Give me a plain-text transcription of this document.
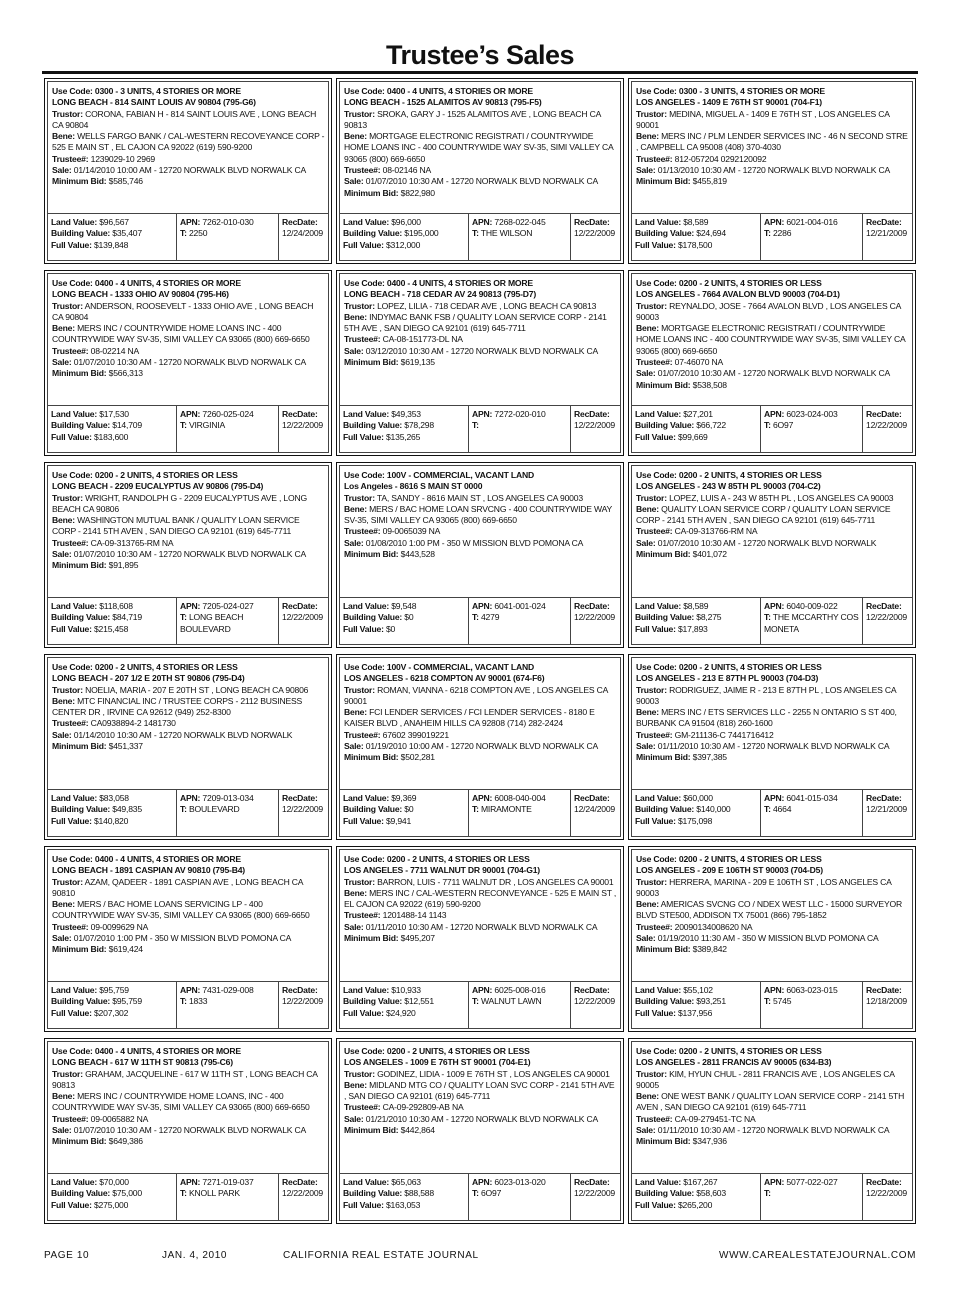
Trustee’s Sales
Use Code: 0300 - 3 UNITS, 4 STORIES OR MORE
LONG BEACH - 814 SAINT LOUIS AV 90804 (795-G6)
Trustor: CORONA, FABIAN H - 814 SAINT LOUIS AVE , LONG BEACH CA 90804
Bene: WELLS FARGO BANK / CAL-WESTERN RECOVEYANCE CORP - 525 E MAIN ST , EL CAJON CA 92022 (619) 590-9200
Trustee#: 1239029-10 2969
Sale: 01/14/2010 10:00 AM - 12720 NORWALK BLVD NORWALK CA
Minimum Bid: $585,746
Land Value: $96,567
Building Value: $35,407
Full Value: $139,848
APN: 7262-010-030
T: 2250
RecDate:
12/24/2009
Use Code: 0400 - 4 UNITS, 4 STORIES OR MORE
LONG BEACH - 1525 ALAMITOS AV 90813 (795-F5)
Trustor: SROKA, GARY J - 1525 ALAMITOS AVE , LONG BEACH CA 90813
Bene: MORTGAGE ELECTRONIC REGISTRATI / COUNTRYWIDE HOME LOANS INC - 400 COUNTRYWIDE WAY SV-35, SIMI VALLEY CA 93065 (800) 669-6650
Trustee#: 08-02146 NA
Sale: 01/07/2010 10:30 AM - 12720 NORWALK BLVD NORWALK CA
Minimum Bid: $822,980
Land Value: $96,000
Building Value: $195,000
Full Value: $312,000
APN: 7268-022-045
T: THE WILSON
RecDate:
12/22/2009
Use Code: 0300 - 3 UNITS, 4 STORIES OR MORE
LOS ANGELES - 1409 E 76TH ST 90001 (704-F1)
Trustor: MEDINA, MIGUEL A - 1409 E 76TH ST , LOS ANGELES CA 90001
Bene: MERS INC / PLM LENDER SERVICES INC - 46 N SECOND STRE , CAMPBELL CA 95008 (408) 370-4030
Trustee#: 812-057204 0292120092
Sale: 01/13/2010 10:30 AM - 12720 NORWALK BLVD NORWALK CA
Minimum Bid: $455,819
Land Value: $8,589
Building Value: $24,694
Full Value: $178,500
APN: 6021-004-016
T: 2286
RecDate:
12/21/2009
Use Code: 0400 - 4 UNITS, 4 STORIES OR MORE
LONG BEACH - 1333 OHIO AV 90804 (795-H6)
Trustor: ANDERSON, ROOSEVELT - 1333 OHIO AVE , LONG BEACH CA 90804
Bene: MERS INC / COUNTRYWIDE HOME LOANS INC - 400 COUNTRYWIDE WAY SV-35, SIMI VALLEY CA 93065 (800) 669-6650
Trustee#: 08-02214 NA
Sale: 01/07/2010 10:30 AM - 12720 NORWALK BLVD NORWALK CA
Minimum Bid: $566,313
Land Value: $17,530
Building Value: $14,709
Full Value: $183,600
APN: 7260-025-024
T: VIRGINIA
RecDate:
12/22/2009
Use Code: 0400 - 4 UNITS, 4 STORIES OR MORE
LONG BEACH - 718 CEDAR AV 24 90813 (795-D7)
Trustor: LOPEZ, LILIA - 718 CEDAR AVE , LONG BEACH CA 90813
Bene: INDYMAC BANK FSB / QUALITY LOAN SERVICE CORP - 2141 5TH AVE , SAN DIEGO CA 92101 (619) 645-7711
Trustee#: CA-08-151773-DL NA
Sale: 03/12/2010 10:30 AM - 12720 NORWALK BLVD NORWALK CA
Minimum Bid: $619,135
Land Value: $49,353
Building Value: $78,298
Full Value: $135,265
APN: 7272-020-010
T:
RecDate:
12/22/2009
Use Code: 0200 - 2 UNITS, 4 STORIES OR LESS
LOS ANGELES - 7664 AVALON BLVD 90003 (704-D1)
Trustor: REYNALDO, JOSE - 7664 AVALON BLVD , LOS ANGELES CA 90003
Bene: MORTGAGE ELECTRONIC REGISTRATI / COUNTRYWIDE HOME LOANS INC - 400 COUNTRYWIDE WAY SV-35, SIMI VALLEY CA 93065 (800) 669-6650
Trustee#: 07-46070 NA
Sale: 01/07/2010 10:30 AM - 12720 NORWALK BLVD NORWALK CA
Minimum Bid: $538,508
Land Value: $27,201
Building Value: $66,722
Full Value: $99,669
APN: 6023-024-003
T: 6O97
RecDate:
12/22/2009
Use Code: 0200 - 2 UNITS, 4 STORIES OR LESS
LONG BEACH - 2209 EUCALYPTUS AV 90806 (795-D4)
Trustor: WRIGHT, RANDOLPH G - 2209 EUCALYPTUS AVE , LONG BEACH CA 90806
Bene: WASHINGTON MUTUAL BANK / QUALITY LOAN SERVICE CORP - 2141 5TH AVEN , SAN DIEGO CA 92101 (619) 645-7711
Trustee#: CA-09-313765-RM NA
Sale: 01/07/2010 10:30 AM - 12720 NORWALK BLVD NORWALK CA
Minimum Bid: $91,895
Land Value: $118,608
Building Value: $84,719
Full Value: $215,458
APN: 7205-024-027
T: LONG BEACH BOULEVARD
RecDate:
12/22/2009
Use Code: 100V - COMMERCIAL, VACANT LAND
Los Angeles - 8616 S MAIN ST 0000
Trustor: TA, SANDY - 8616 MAIN ST , LOS ANGELES CA 90003
Bene: MERS / BAC HOME LOAN SRVCNG - 400 COUNTRYWIDE WAY SV-35, SIMI VALLEY CA 93065 (800) 669-6650
Trustee#: 09-0065039 NA
Sale: 01/08/2010 1:00 PM - 350 W MISSION BLVD POMONA CA
Minimum Bid: $443,528
Land Value: $9,548
Building Value: $0
Full Value: $0
APN: 6041-001-024
T: 4279
RecDate:
12/22/2009
Use Code: 0200 - 2 UNITS, 4 STORIES OR LESS
LOS ANGELES - 243 W 85TH PL 90003 (704-C2)
Trustor: LOPEZ, LUIS A - 243 W 85TH PL , LOS ANGELES CA 90003
Bene: QUALITY LOAN SERVICE CORP / QUALITY LOAN SERVICE CORP - 2141 5TH AVEN , SAN DIEGO CA 92101 (619) 645-7711
Trustee#: CA-09-313766-RM NA
Sale: 01/07/2010 10:30 AM - 12720 NORWALK BLVD NORWALK
Minimum Bid: $401,072
Land Value: $8,589
Building Value: $8,275
Full Value: $17,893
APN: 6040-009-022
T: THE MCCARTHY COS MONETA
RecDate:
12/22/2009
Use Code: 0200 - 2 UNITS, 4 STORIES OR LESS
LONG BEACH - 207 1/2 E 20TH ST 90806 (795-D4)
Trustor: NOELIA, MARIA - 207 E 20TH ST , LONG BEACH CA 90806
Bene: MTC FINANCIAL INC / TRUSTEE CORPS - 2112 BUSINESS CENTER DR , IRVINE CA 92612 (949) 252-8300
Trustee#: CA0938894-2 1481730
Sale: 01/14/2010 10:30 AM - 12720 NORWALK BLVD NORWALK
Minimum Bid: $451,337
Land Value: $83,058
Building Value: $49,835
Full Value: $140,820
APN: 7209-013-034
T: BOULEVARD
RecDate:
12/22/2009
Use Code: 100V - COMMERCIAL, VACANT LAND
LOS ANGELES - 6218 COMPTON AV 90001 (674-F6)
Trustor: ROMAN, VIANNA - 6218 COMPTON AVE , LOS ANGELES CA 90001
Bene: FCI LENDER SERVICES / FCI LENDER SERVICES - 8180 E KAISER BLVD , ANAHEIM HILLS CA 92808 (714) 282-2424
Trustee#: 67602 399019221
Sale: 01/19/2010 10:00 AM - 12720 NORWALK BLVD NORWALK CA
Minimum Bid: $502,281
Land Value: $9,369
Building Value: $0
Full Value: $9,941
APN: 6008-040-004
T: MIRAMONTE
RecDate:
12/24/2009
Use Code: 0200 - 2 UNITS, 4 STORIES OR LESS
LOS ANGELES - 213 E 87TH PL 90003 (704-D3)
Trustor: RODRIGUEZ, JAIME R - 213 E 87TH PL , LOS ANGELES CA 90003
Bene: MERS INC / ETS SERVICES LLC - 2255 N ONTARIO S ST 400, BURBANK CA 91504 (818) 260-1600
Trustee#: GM-211136-C 7441716412
Sale: 01/11/2010 10:30 AM - 12720 NORWALK BLVD NORWALK CA
Minimum Bid: $397,385
Land Value: $60,000
Building Value: $140,000
Full Value: $175,098
APN: 6041-015-034
T: 4664
RecDate:
12/21/2009
Use Code: 0400 - 4 UNITS, 4 STORIES OR MORE
LONG BEACH - 1891 CASPIAN AV 90810 (795-B4)
Trustor: AZAM, QADEER - 1891 CASPIAN AVE , LONG BEACH CA 90810
Bene: MERS / BAC HOME LOANS SERVICING LP - 400 COUNTRYWIDE WAY SV-35, SIMI VALLEY CA 93065 (800) 669-6650
Trustee#: 09-0099629 NA
Sale: 01/07/2010 1:00 PM - 350 W MISSION BLVD POMONA CA
Minimum Bid: $619,424
Land Value: $95,759
Building Value: $95,759
Full Value: $207,302
APN: 7431-029-008
T: 1833
RecDate:
12/22/2009
Use Code: 0200 - 2 UNITS, 4 STORIES OR LESS
LOS ANGELES - 7711 WALNUT DR 90001 (704-G1)
Trustor: BARRON, LUIS - 7711 WALNUT DR , LOS ANGELES CA 90001
Bene: MERS INC / CAL-WESTERN RECONVEYANCE - 525 E MAIN ST , EL CAJON CA 92022 (619) 590-9200
Trustee#: 1201488-14 1143
Sale: 01/11/2010 10:30 AM - 12720 NORWALK BLVD NORWALK CA
Minimum Bid: $495,207
Land Value: $10,933
Building Value: $12,551
Full Value: $24,920
APN: 6025-008-016
T: WALNUT LAWN
RecDate:
12/22/2009
Use Code: 0200 - 2 UNITS, 4 STORIES OR LESS
LOS ANGELES - 209 E 106TH ST 90003 (704-D5)
Trustor: HERRERA, MARINA - 209 E 106TH ST , LOS ANGELES CA 90003
Bene: AMERICAS SVCNG CO / NDEX WEST LLC - 15000 SURVEYOR BLVD STE500, ADDISON TX 75001 (866) 795-1852
Trustee#: 20090134008620 NA
Sale: 01/19/2010 11:30 AM - 350 W MISSION BLVD POMONA CA
Minimum Bid: $389,842
Land Value: $55,102
Building Value: $93,251
Full Value: $137,956
APN: 6063-023-015
T: 5745
RecDate:
12/18/2009
Use Code: 0400 - 4 UNITS, 4 STORIES OR MORE
LONG BEACH - 617 W 11TH ST 90813 (795-C6)
Trustor: GRAHAM, JACQUELINE - 617 W 11TH ST , LONG BEACH CA 90813
Bene: MERS INC / COUNTRYWIDE HOME LOANS, INC - 400 COUNTRYWIDE WAY SV-35, SIMI VALLEY CA 93065 (800) 669-6650
Trustee#: 09-0065882 NA
Sale: 01/07/2010 10:30 AM - 12720 NORWALK BLVD NORWALK CA
Minimum Bid: $649,386
Land Value: $70,000
Building Value: $75,000
Full Value: $275,000
APN: 7271-019-037
T: KNOLL PARK
RecDate:
12/22/2009
Use Code: 0200 - 2 UNITS, 4 STORIES OR LESS
LOS ANGELES - 1009 E 76TH ST 90001 (704-E1)
Trustor: GODINEZ, LIDIA - 1009 E 76TH ST , LOS ANGELES CA 90001
Bene: MIDLAND MTG CO / QUALITY LOAN SVC CORP - 2141 5TH AVE , SAN DIEGO CA 92101 (619) 645-7711
Trustee#: CA-09-292809-AB NA
Sale: 01/21/2010 10:30 AM - 12720 NORWALK BLVD NORWALK CA
Minimum Bid: $442,864
Land Value: $65,063
Building Value: $88,588
Full Value: $163,053
APN: 6023-013-020
T: 6O97
RecDate:
12/22/2009
Use Code: 0200 - 2 UNITS, 4 STORIES OR LESS
LOS ANGELES - 2811 FRANCIS AV 90005 (634-B3)
Trustor: KIM, HYUN CHUL - 2811 FRANCIS AVE , LOS ANGELES CA 90005
Bene: ONE WEST BANK / QUALITY LOAN SERVICE CORP - 2141 5TH AVEN , SAN DIEGO CA 92101 (619) 645-7711
Trustee#: CA-09-279451-TC NA
Sale: 01/11/2010 10:30 AM - 12720 NORWALK BLVD NORWALK CA
Minimum Bid: $347,936
Land Value: $167,267
Building Value: $58,603
Full Value: $265,200
APN: 5077-022-027
T:
RecDate:
12/22/2009
PAGE 10	JAN. 4, 2010	CALIFORNIA REAL ESTATE JOURNAL	WWW.CAREALESTATEJOURNAL.COM
